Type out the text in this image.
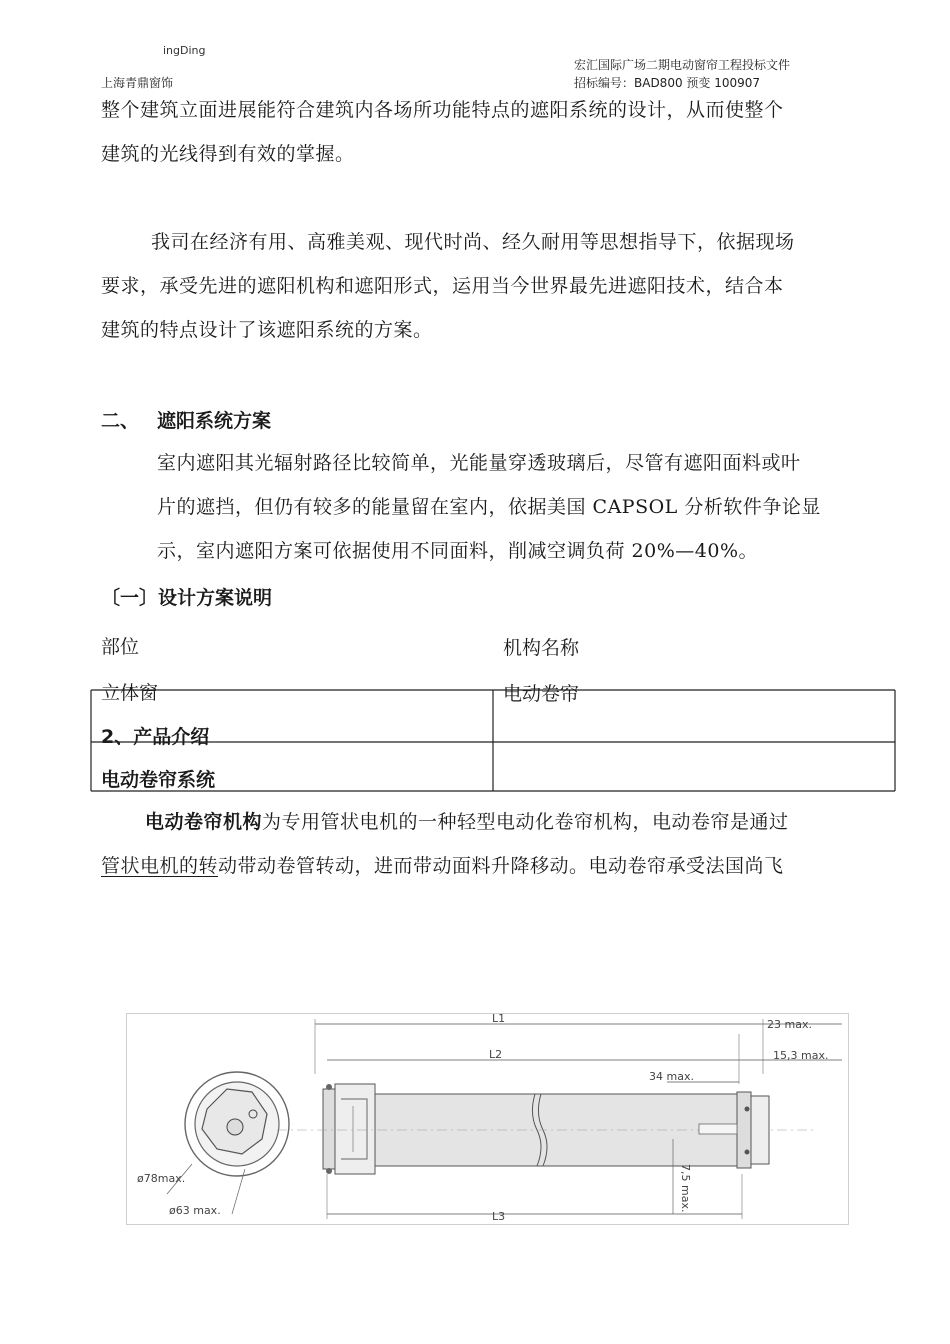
ingDing
上海青鼎窗饰
宏汇国际广场二期电动窗帘工程投标文件
招标编号：BAD800 预变 100907
整个建筑立面进展能符合建筑内各场所功能特点的遮阳系统的设计，从而使整个
建筑的光线得到有效的掌握。
我司在经济有用、高雅美观、现代时尚、经久耐用等思想指导下，依据现场
要求，承受先进的遮阳机构和遮阳形式，运用当今世界最先进遮阳技术，结合本
建筑的特点设计了该遮阳系统的方案。
二、 遮阳系统方案
室内遮阳其光辐射路径比较简单，光能量穿透玻璃后，尽管有遮阳面料或叶
片的遮挡，但仍有较多的能量留在室内，依据美国 CAPSOL 分析软件争论显
示，室内遮阳方案可依据使用不同面料，削减空调负荷 20%—40%。
〔一〕设计方案说明
部位	机构名称
立体窗	电动卷帘
2、产品介绍
电动卷帘系统
电动卷帘机构为专用管状电机的一种轻型电动化卷帘机构，电动卷帘是通过
管状电机的转动带动卷管转动，进而带动面料升降移动。电动卷帘承受法国尚飞
L1	23 max.
L2	15,3 max.
34 max.
ø78max.
ø63 max.	7,5 max.
L3
